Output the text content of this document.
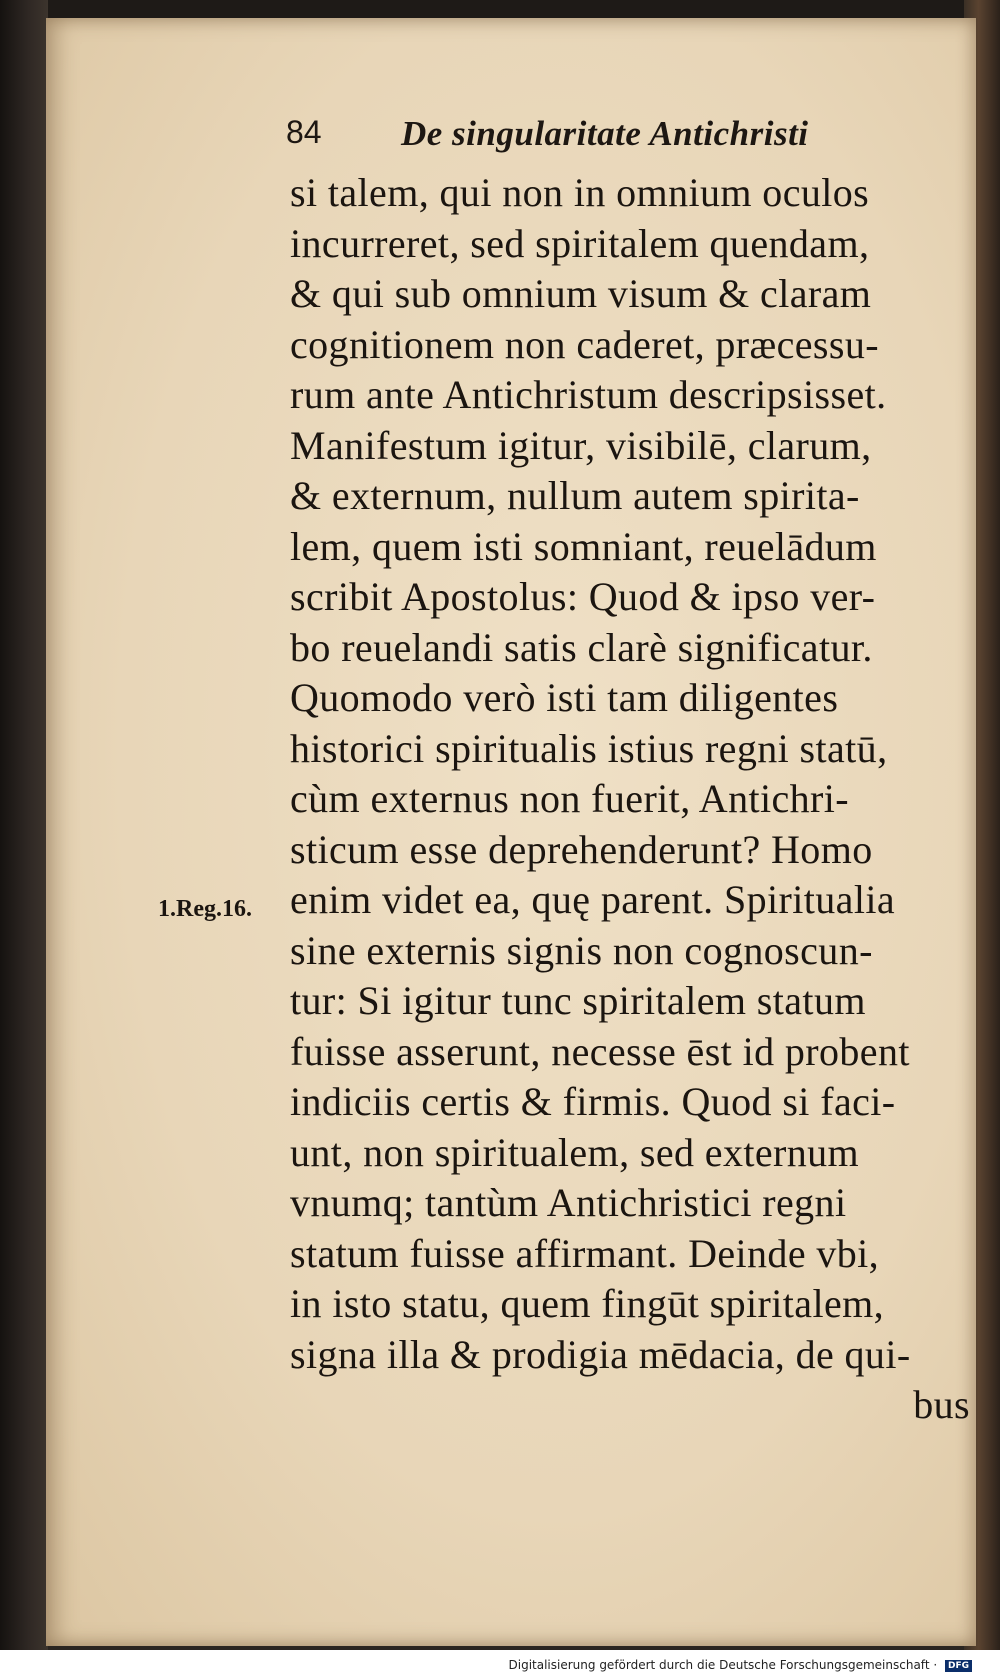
84 De singularitate Antichristi
1.Reg.16.
si talem, qui non in omnium oculos
incurreret, sed spiritalem quendam,
& qui sub omnium visum & claram
cognitionem non caderet, præcessu-
rum ante Antichristum descripsisset.
Manifestum igitur, visibilē, clarum,
& externum, nullum autem spirita-
lem, quem isti somniant, reuelādum
scribit Apostolus: Quod & ipso ver-
bo reuelandi satis clarè significatur.
Quomodo verò isti tam diligentes
historici spiritualis istius regni statū,
cùm externus non fuerit, Antichri-
sticum esse deprehenderunt? Homo
enim videt ea, quę parent. Spiritualia
sine externis signis non cognoscun-
tur: Si igitur tunc spiritalem statum
fuisse asserunt, necesse ēst id probent
indiciis certis & firmis. Quod si faci-
unt, non spiritualem, sed externum
vnumq; tantùm Antichristici regni
statum fuisse affirmant. Deinde vbi,
in isto statu, quem fingūt spiritalem,
signa illa & prodigia mēdacia, de qui-
bus
Digitalisierung gefördert durch die Deutsche Forschungsgemeinschaft · DFG
